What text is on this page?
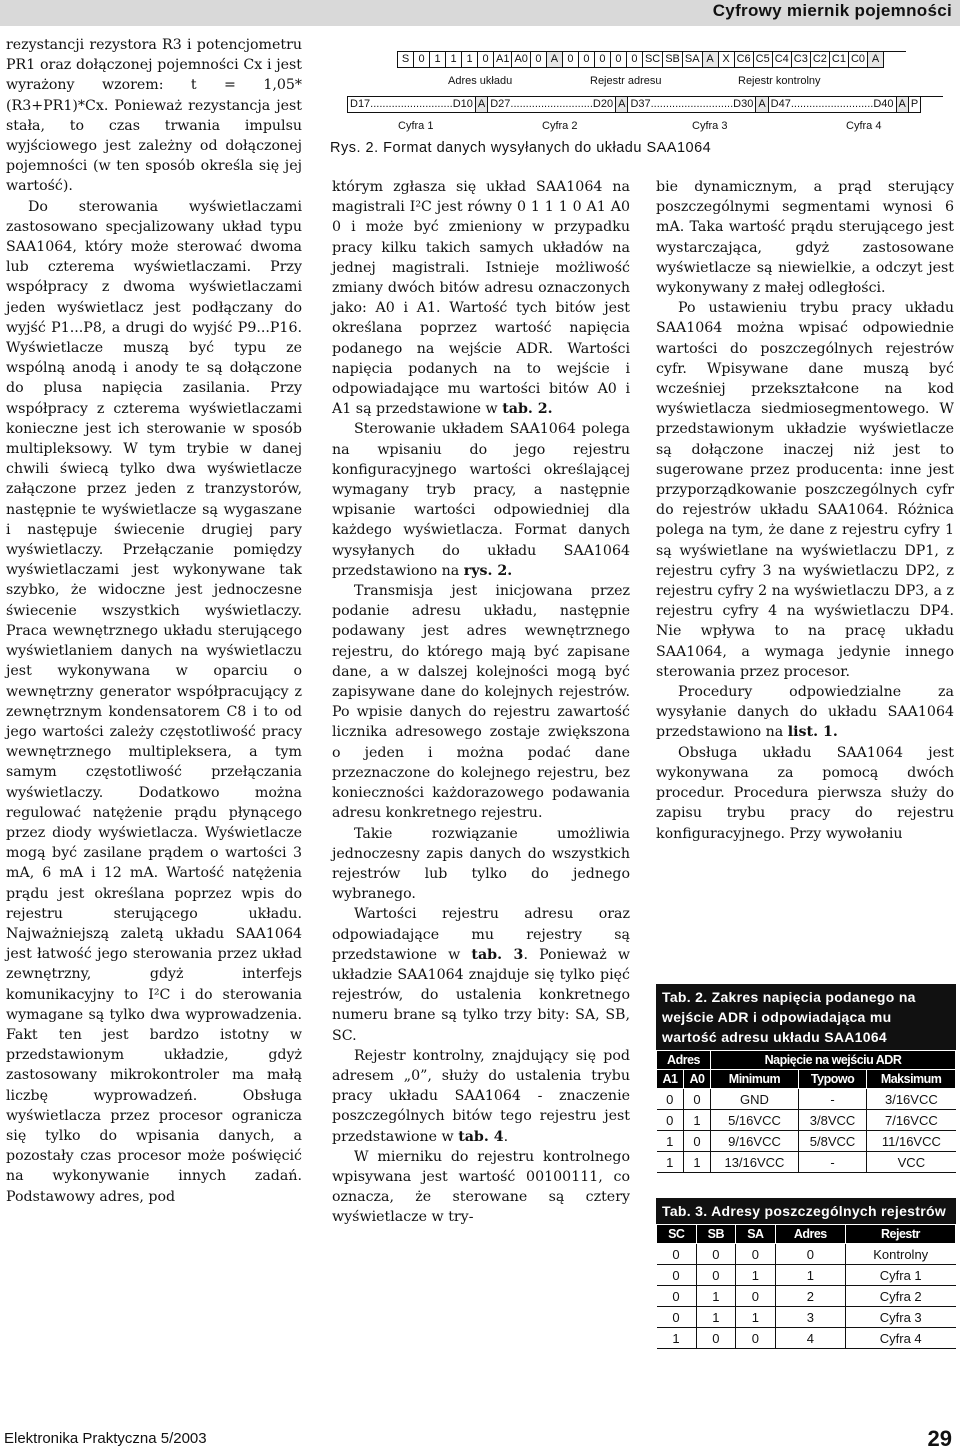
Cyfrowy miernik pojemności

rezystancji rezystora R3 i potencjometru PR1 oraz dołączonej pojemności Cx i jest wyrażony wzorem: t = 1,05*(R3+PR1)*Cx. Ponieważ rezystancja jest stała, to czas trwania impulsu wyjściowego jest zależny od dołączonej pojemności (w ten sposób określa się jej wartość).

Do sterowania wyświetlaczami zastosowano specjalizowany układ typu SAA1064, który może sterować dwoma lub czterema wyświetlaczami. Przy współpracy z dwoma wyświetlaczami jeden wyświetlacz jest podłączany do wyjść P1...P8, a drugi do wyjść P9...P16. Wyświetlacze muszą być typu ze wspólną anodą i anody te są dołączone do plusa napięcia zasilania. Przy współpracy z czterema wyświetlaczami konieczne jest ich sterowanie w sposób multipleksowy. W tym trybie w danej chwili świecą tylko dwa wyświetlacze załączone przez jeden z tranzystorów, następnie te wyświetlacze są wygaszane i następuje świecenie drugiej pary wyświetlaczy. Przełączanie pomiędzy wyświetlaczami jest wykonywane tak szybko, że widoczne jest jednoczesne świecenie wszystkich wyświetlaczy. Praca wewnętrznego układu sterującego wyświetlaniem danych na wyświetlaczu jest wykonywana w oparciu o wewnętrzny generator współpracujący z zewnętrznym kondensatorem C8 i to od jego wartości zależy częstotliwość pracy wewnętrznego multipleksera, a tym samym częstotliwość przełączania wyświetlaczy. Dodatkowo można regulować natężenie prądu płynącego przez diody wyświetlacza. Wyświetlacze mogą być zasilane prądem o wartości 3 mA, 6 mA i 12 mA. Wartość natężenia prądu jest określana poprzez wpis do rejestru sterującego układu. Najważniejszą zaletą układu SAA1064 jest łatwość jego sterowania przez układ zewnętrzny, gdyż interfejs komunikacyjny to I²C i do sterowania wymagane są tylko dwa wyprowadzenia. Fakt ten jest bardzo istotny w przedstawionym układzie, gdyż zastosowany mikrokontroler ma małą liczbę wyprowadzeń. Obsługa wyświetlacza przez procesor ogranicza się tylko do wpisania danych, a pozostały czas procesor może poświęcić na wykonywanie innych zadań. Podstawowy adres, pod

S 0 1 1 1 0 A1 A0 0 A 0 0 0 0 0 SC SB SA A X C6 C5 C4 C3 C2 C1 C0 A
Adres układu	Rejestr adresu	Rejestr kontrolny
D17...........................D10 A D27...........................D20 A D37...........................D30 A D47...........................D40 A P
Cyfra 1	Cyfra 2	Cyfra 3	Cyfra 4
Rys. 2. Format danych wysyłanych do układu SAA1064

którym zgłasza się układ SAA1064 na magistrali I²C jest równy 0 1 1 1 0 A1 A0 0 i może być zmieniony w przypadku pracy kilku takich samych układów na jednej magistrali. Istnieje możliwość zmiany dwóch bitów adresu oznaczonych jako: A0 i A1. Wartość tych bitów jest określana poprzez wartość napięcia podanego na wejście ADR. Wartości napięcia podanych na to wejście i odpowiadające mu wartości bitów A0 i A1 są przedstawione w tab. 2.

Sterowanie układem SAA1064 polega na wpisaniu do jego rejestru konfiguracyjnego wartości określającej wymagany tryb pracy, a następnie wpisanie wartości odpowiedniej dla każdego wyświetlacza. Format danych wysyłanych do układu SAA1064 przedstawiono na rys. 2.

Transmisja jest inicjowana przez podanie adresu układu, następnie podawany jest adres wewnętrznego rejestru, do którego mają być zapisane dane, a w dalszej kolejności mogą być zapisywane dane do kolejnych rejestrów. Po wpisie danych do rejestru zawartość licznika adresowego zostaje zwiększona o jeden i można podać dane przeznaczone do kolejnego rejestru, bez konieczności każdorazowego podawania adresu konkretnego rejestru.

Takie rozwiązanie umożliwia jednoczesny zapis danych do wszystkich rejestrów lub tylko do jednego wybranego.

Wartości rejestru adresu oraz odpowiadające mu rejestry są przedstawione w tab. 3. Ponieważ w układzie SAA1064 znajduje się tylko pięć rejestrów, do ustalenia konkretnego numeru brane są tylko trzy bity: SA, SB, SC.

Rejestr kontrolny, znajdujący się pod adresem „0”, służy do ustalenia trybu pracy układu SAA1064 - znaczenie poszczególnych bitów tego rejestru jest przedstawione w tab. 4.

W mierniku do rejestru kontrolnego wpisywana jest wartość 00100111, co oznacza, że sterowane są cztery wyświetlacze w try-

bie dynamicznym, a prąd sterujący poszczególnymi segmentami wynosi 6 mA. Taka wartość prądu sterującego jest wystarczająca, gdyż zastosowane wyświetlacze są niewielkie, a odczyt jest wykonywany z małej odległości.

Po ustawieniu trybu pracy układu SAA1064 można wpisać odpowiednie wartości do poszczególnych rejestrów cyfr. Wpisywane dane muszą być wcześniej przekształcone na kod wyświetlacza siedmiosegmentowego. W przedstawionym układzie wyświetlacze są dołączone inaczej niż jest to sugerowane przez producenta: inne jest przyporządkowanie poszczególnych cyfr do rejestrów układu SAA1064. Różnica polega na tym, że dane z rejestru cyfry 1 są wyświetlane na wyświetlaczu DP1, z rejestru cyfry 3 na wyświetlaczu DP2, z rejestru cyfry 2 na wyświetlaczu DP3, a z rejestru cyfry 4 na wyświetlaczu DP4. Nie wpływa to na pracę układu SAA1064, a wymaga jedynie innego sterowania przez procesor.

Procedury odpowiedzialne za wysyłanie danych do układu SAA1064 przedstawiono na list. 1.

Obsługa układu SAA1064 jest wykonywana za pomocą dwóch procedur. Procedura pierwsza służy do zapisu trybu pracy do rejestru konfiguracyjnego. Przy wywołaniu

Tab. 2. Zakres napięcia podanego na wejście ADR i odpowiadająca mu wartość adresu układu SAA1064
Adres		Napięcie na wejściu ADR		
A1	A0	Minimum	Typowo	Maksimum
0	0	GND	-	3/16VCC
0	1	5/16VCC	3/8VCC	7/16VCC
1	0	9/16VCC	5/8VCC	11/16VCC
1	1	13/16VCC	-	VCC
Tab. 3. Adresy poszczególnych rejestrów
SC	SB	SA	Adres	Rejestr
0	0	0	0	Kontrolny
0	0	1	1	Cyfra 1
0	1	0	2	Cyfra 2
0	1	1	3	Cyfra 3
1	0	0	4	Cyfra 4
Elektronika Praktyczna 5/2003	29
